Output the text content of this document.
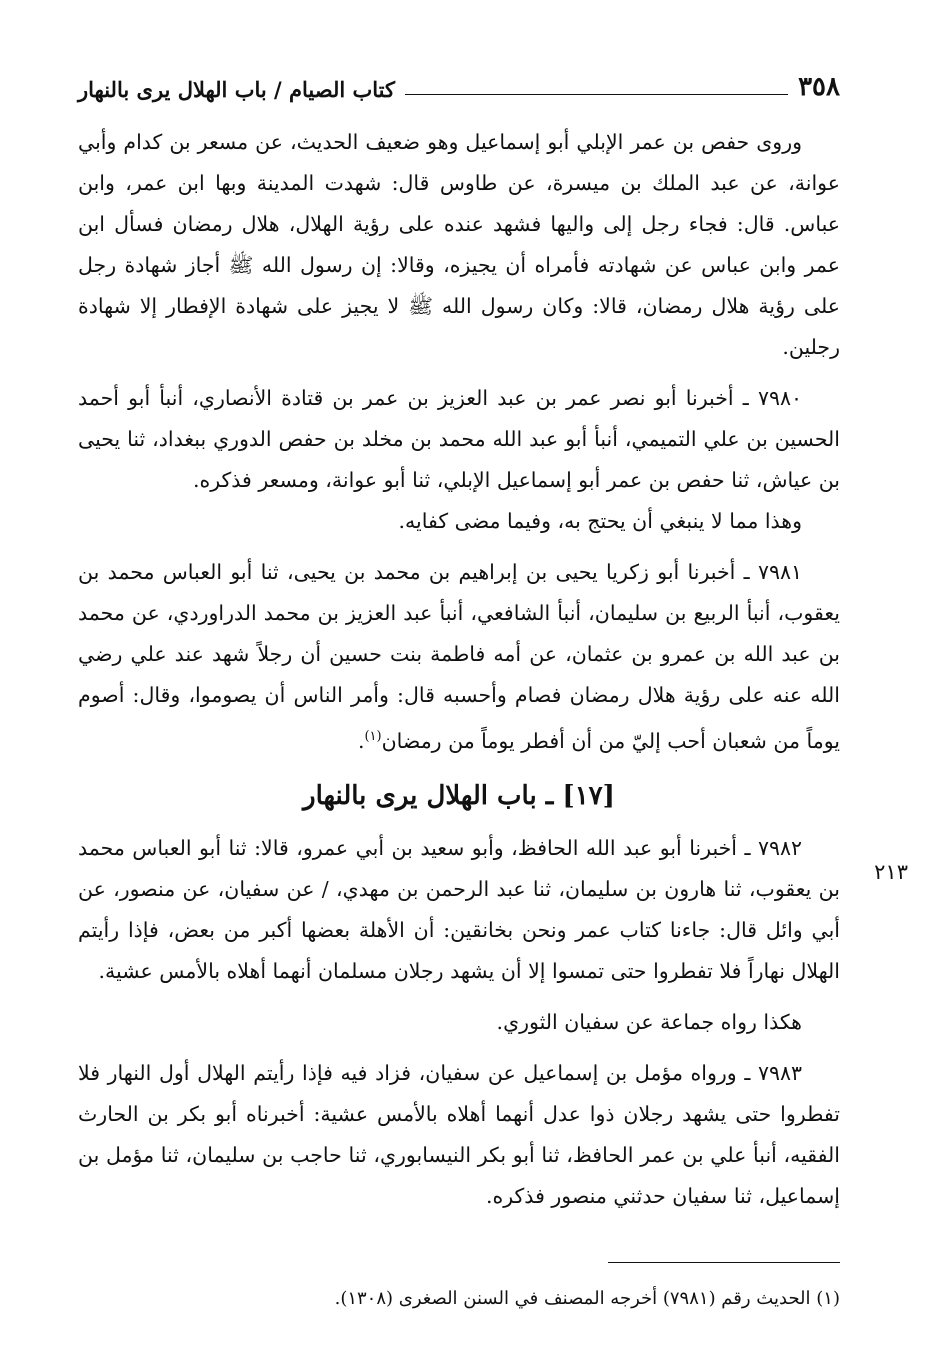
٣٥٨
كتاب الصيام / باب الهلال يرى بالنهار

وروى حفص بن عمر الإبلي أبو إسماعيل وهو ضعيف الحديث، عن مسعر بن كدام وأبي عوانة، عن عبد الملك بن ميسرة، عن طاوس قال: شهدت المدينة وبها ابن عمر، وابن عباس. قال: فجاء رجل إلى واليها فشهد عنده على رؤية الهلال، هلال رمضان فسأل ابن عمر وابن عباس عن شهادته فأمراه أن يجيزه، وقالا: إن رسول الله ﷺ أجاز شهادة رجل على رؤية هلال رمضان، قالا: وكان رسول الله ﷺ لا يجيز على شهادة الإفطار إلا شهادة رجلين.

٧٩٨٠ ـ أخبرنا أبو نصر عمر بن عبد العزيز بن عمر بن قتادة الأنصاري، أنبأ أبو أحمد الحسين بن علي التميمي، أنبأ أبو عبد الله محمد بن مخلد بن حفص الدوري ببغداد، ثنا يحيى بن عياش، ثنا حفص بن عمر أبو إسماعيل الإبلي، ثنا أبو عوانة، ومسعر فذكره.

وهذا مما لا ينبغي أن يحتج به، وفيما مضى كفايه.

٧٩٨١ ـ أخبرنا أبو زكريا يحيى بن إبراهيم بن محمد بن يحيى، ثنا أبو العباس محمد بن يعقوب، أنبأ الربيع بن سليمان، أنبأ الشافعي، أنبأ عبد العزيز بن محمد الدراوردي، عن محمد بن عبد الله بن عمرو بن عثمان، عن أمه فاطمة بنت حسين أن رجلاً شهد عند علي رضي الله عنه على رؤية هلال رمضان فصام وأحسبه قال: وأمر الناس أن يصوموا، وقال: أصوم يوماً من شعبان أحب إليّ من أن أفطر يوماً من رمضان$^{(١)}$.

[١٧] ـ باب الهلال يرى بالنهار

٧٩٨٢ ـ أخبرنا أبو عبد الله الحافظ، وأبو سعيد بن أبي عمرو، قالا: ثنا أبو العباس محمد بن يعقوب، ثنا هارون بن سليمان، ثنا عبد الرحمن بن مهدي، / عن سفيان، عن منصور، عن أبي وائل قال: جاءنا كتاب عمر ونحن بخانقين: أن الأهلة بعضها أكبر من بعض، فإذا رأيتم الهلال نهاراً فلا تفطروا حتى تمسوا إلا أن يشهد رجلان مسلمان أنهما أهلاه بالأمس عشية.

هكذا رواه جماعة عن سفيان الثوري.

٧٩٨٣ ـ ورواه مؤمل بن إسماعيل عن سفيان، فزاد فيه فإذا رأيتم الهلال أول النهار فلا تفطروا حتى يشهد رجلان ذوا عدل أنهما أهلاه بالأمس عشية: أخبرناه أبو بكر بن الحارث الفقيه، أنبأ علي بن عمر الحافظ، ثنا أبو بكر النيسابوري، ثنا حاجب بن سليمان، ثنا مؤمل بن إسماعيل، ثنا سفيان حدثني منصور فذكره.

٢١٣
(١) الحديث رقم (٧٩٨١) أخرجه المصنف في السنن الصغرى (١٣٠٨).
